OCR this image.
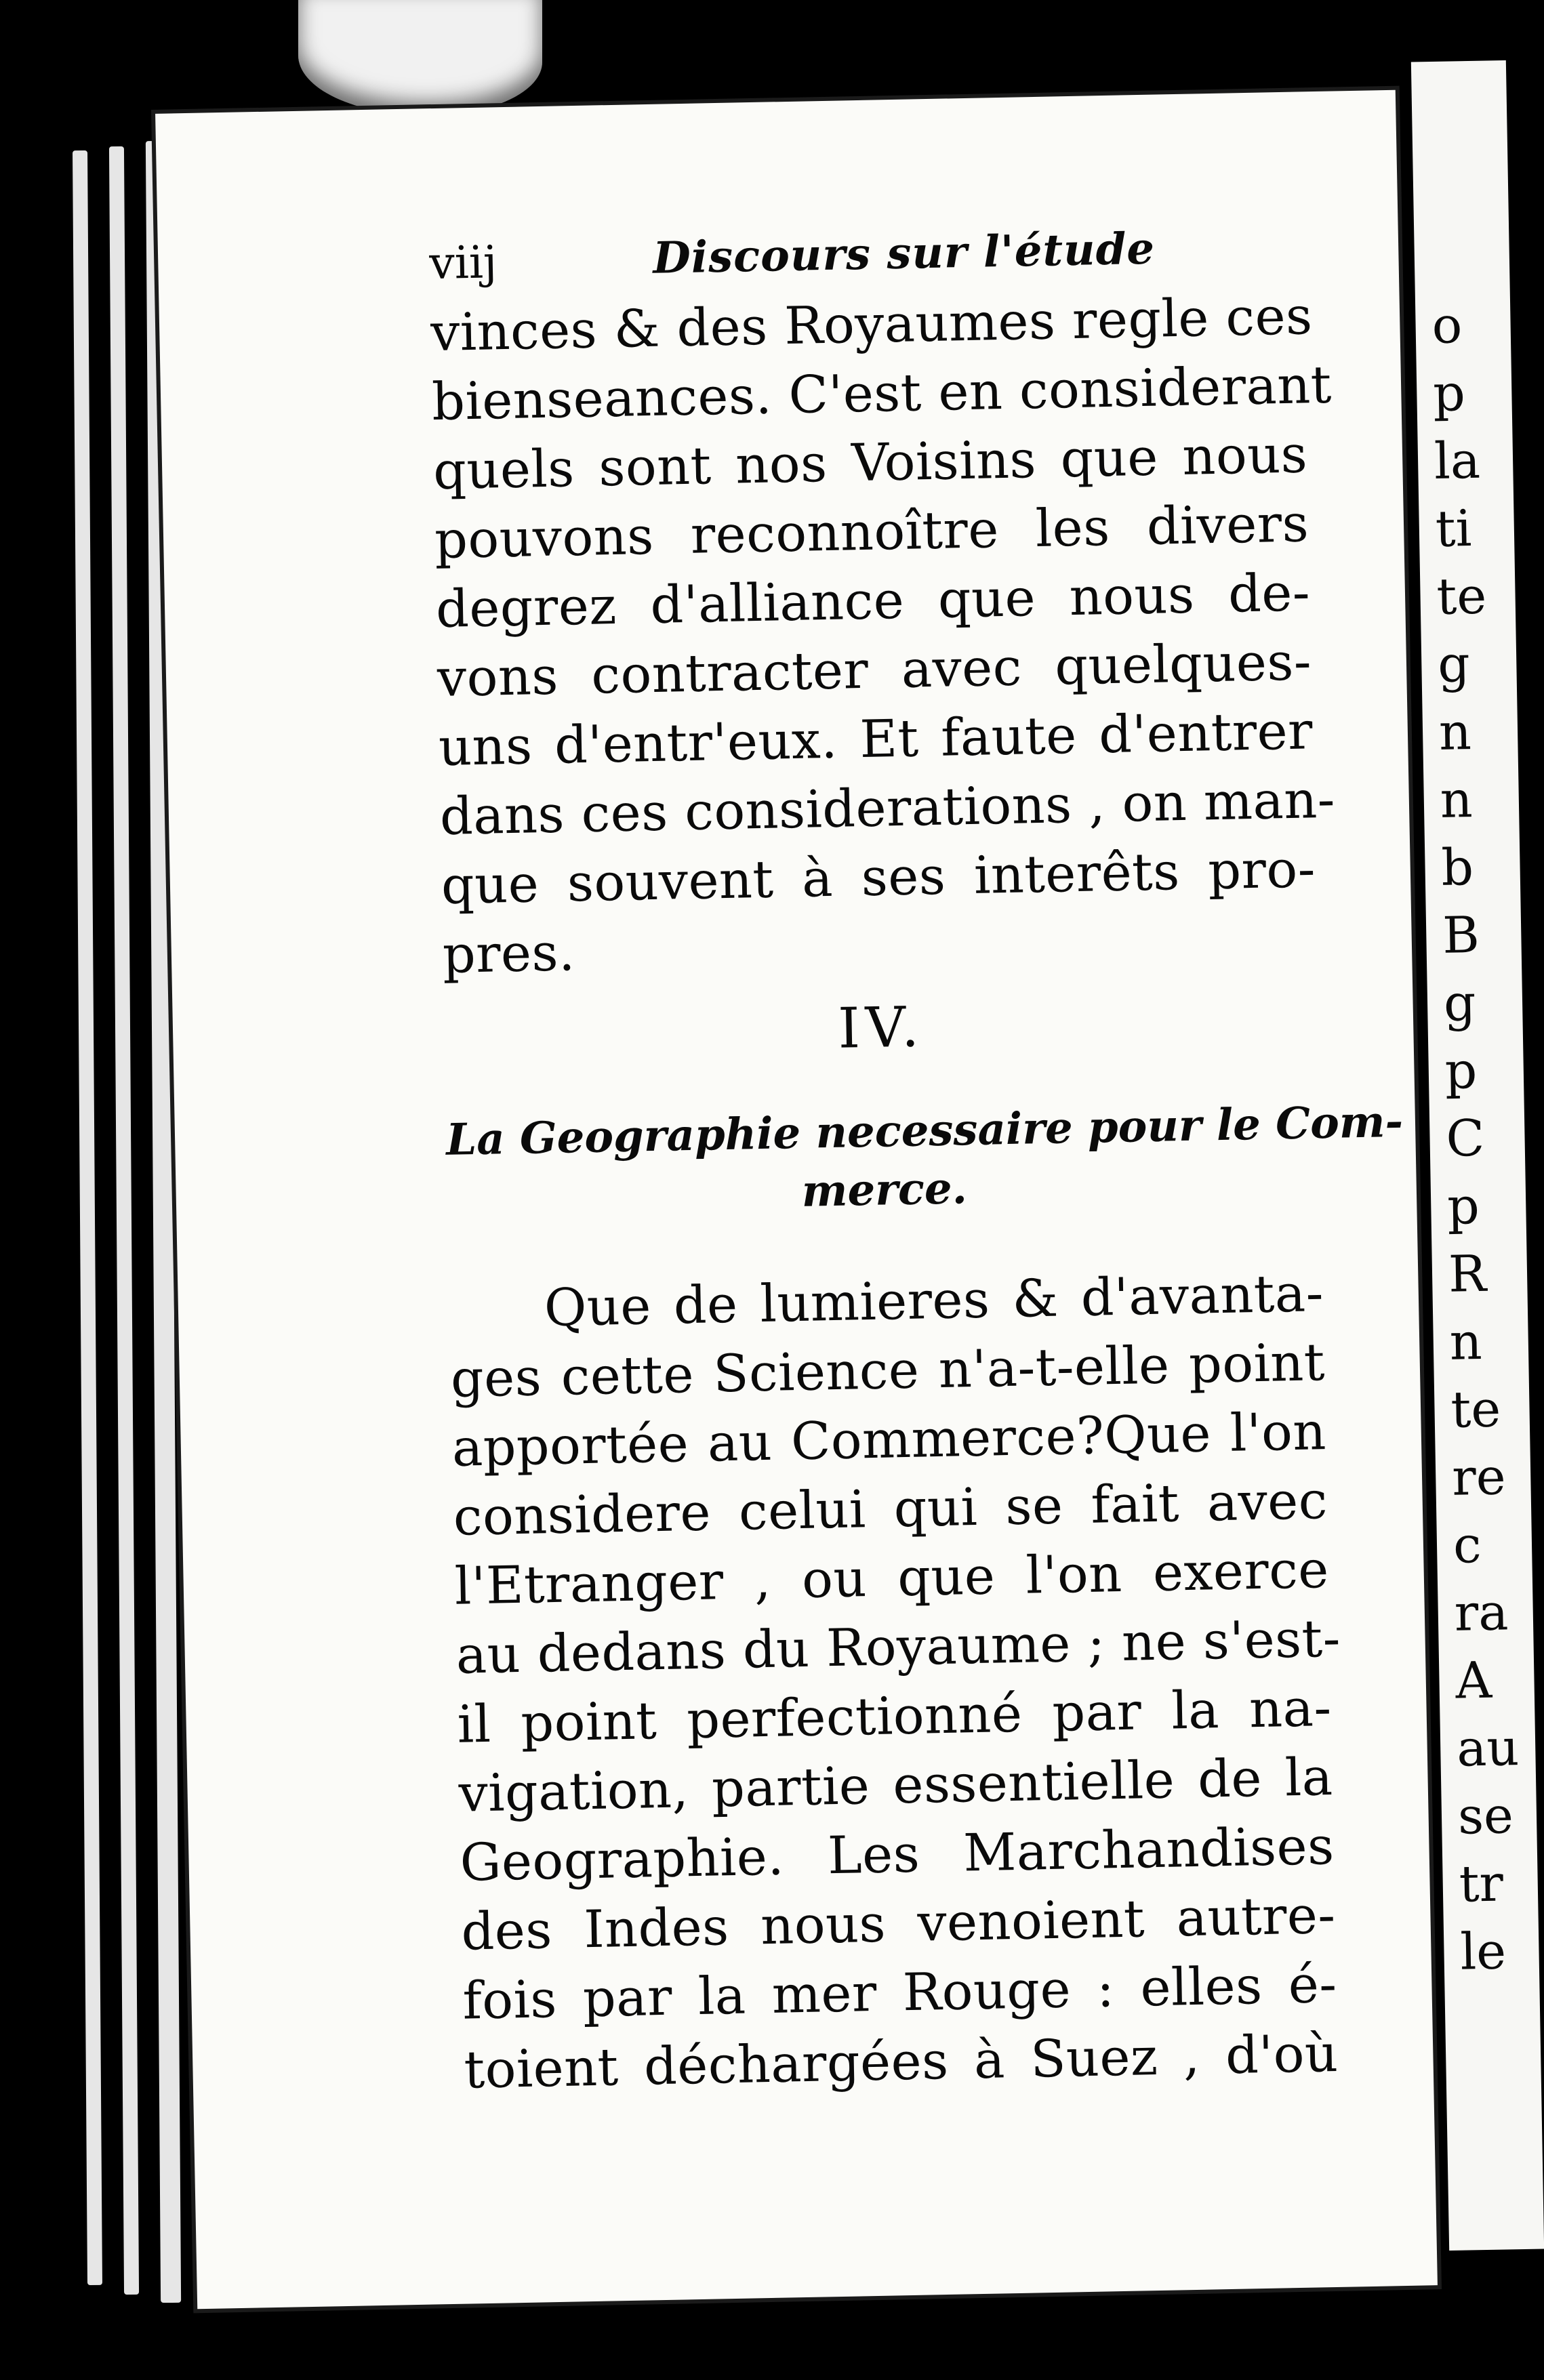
viij	Discours sur l'étude
vinces & des Royaumes regle ces
bienseances. C'est en considerant
quels sont nos Voisins que nous
pouvons reconnoître les divers
degrez d'alliance que nous de-
vons contracter avec quelques-
uns d'entr'eux. Et faute d'entrer
dans ces considerations , on man-
que souvent à ses interêts pro-
pres.
IV.
La Geographie necessaire pour le Com-
merce.
Que de lumieres & d'avanta-
ges cette Science n'a-t-elle point
apportée au Commerce?Que l'on
considere celui qui se fait avec
l'Etranger , ou que l'on exerce
au dedans du Royaume ; ne s'est-
il point perfectionné par la na-
vigation, partie essentielle de la
Geographie. Les Marchandises
des Indes nous venoient autre-
fois par la mer Rouge : elles é-
toient déchargées à Suez , d'où
o
p
la
ti
te
g
n
n
b
B
g
p
C
p
R
n
te
re
c
ra
A
au
se
tr
le
